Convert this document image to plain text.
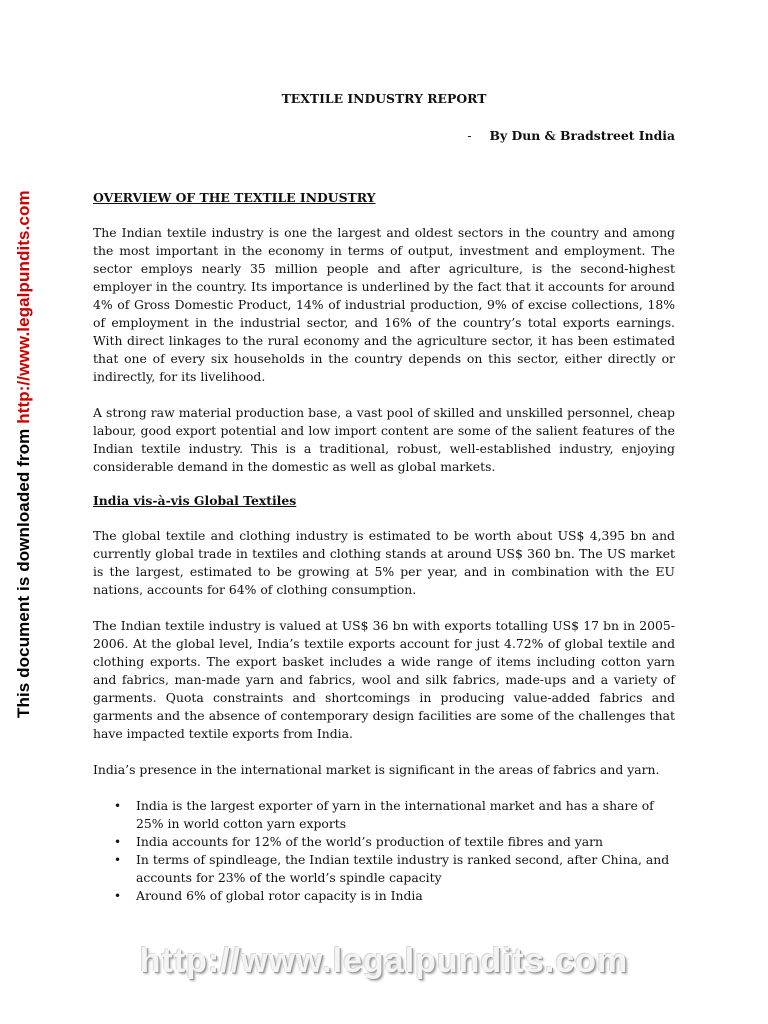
This document is downloaded from http://www.legalpundits.com
TEXTILE INDUSTRY REPORT
- By Dun & Bradstreet India
OVERVIEW OF THE TEXTILE INDUSTRY

The Indian textile industry is one the largest and oldest sectors in the country and among the most important in the economy in terms of output, investment and employment. The sector employs nearly 35 million people and after agriculture, is the second-highest employer in the country. Its importance is underlined by the fact that it accounts for around 4% of Gross Domestic Product, 14% of industrial production, 9% of excise collections, 18% of employment in the industrial sector, and 16% of the country’s total exports earnings. With direct linkages to the rural economy and the agriculture sector, it has been estimated that one of every six households in the country depends on this sector, either directly or indirectly, for its livelihood.

A strong raw material production base, a vast pool of skilled and unskilled personnel, cheap labour, good export potential and low import content are some of the salient features of the Indian textile industry. This is a traditional, robust, well-established industry, enjoying considerable demand in the domestic as well as global markets.

India vis-à-vis Global Textiles

The global textile and clothing industry is estimated to be worth about US$ 4,395 bn and currently global trade in textiles and clothing stands at around US$ 360 bn. The US market is the largest, estimated to be growing at 5% per year, and in combination with the EU nations, accounts for 64% of clothing consumption.

The Indian textile industry is valued at US$ 36 bn with exports totalling US$ 17 bn in 2005-2006. At the global level, India’s textile exports account for just 4.72% of global textile and clothing exports. The export basket includes a wide range of items including cotton yarn and fabrics, man-made yarn and fabrics, wool and silk fabrics, made-ups and a variety of garments. Quota constraints and shortcomings in producing value-added fabrics and garments and the absence of contemporary design facilities are some of the challenges that have impacted textile exports from India.

India’s presence in the international market is significant in the areas of fabrics and yarn.

• India is the largest exporter of yarn in the international market and has a share of 25% in world cotton yarn exports
• India accounts for 12% of the world’s production of textile fibres and yarn
• In terms of spindleage, the Indian textile industry is ranked second, after China, and accounts for 23% of the world’s spindle capacity
• Around 6% of global rotor capacity is in India
http://www.legalpundits.com
